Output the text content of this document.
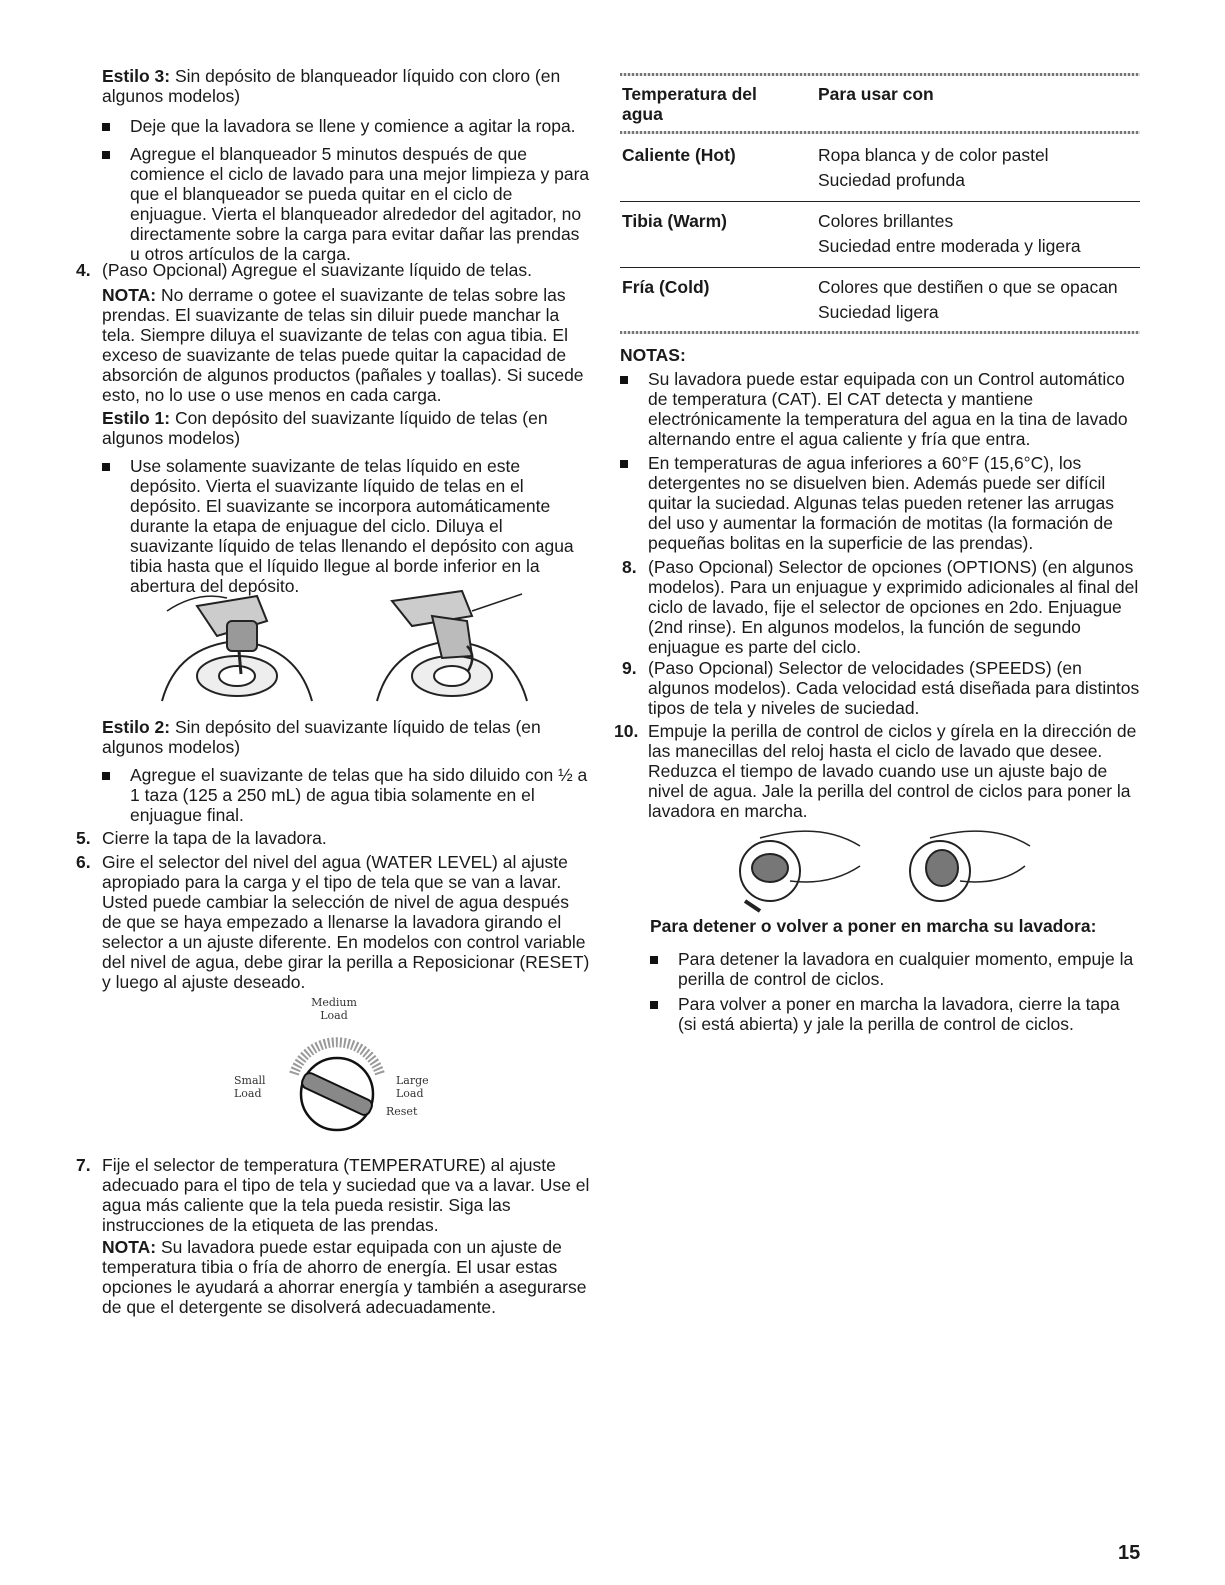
Estilo 3: Sin depósito de blanqueador líquido con cloro (en algunos modelos)

Deje que la lavadora se llene y comience a agitar la ropa.
Agregue el blanqueador 5 minutos después de que comience el ciclo de lavado para una mejor limpieza y para que el blanqueador se pueda quitar en el ciclo de enjuague. Vierta el blanqueador alrededor del agitador, no directamente sobre la carga para evitar dañar las prendas u otros artículos de la carga.
4. (Paso Opcional) Agregue el suavizante líquido de telas.

NOTA: No derrame o gotee el suavizante de telas sobre las prendas. El suavizante de telas sin diluir puede manchar la tela. Siempre diluya el suavizante de telas con agua tibia. El exceso de suavizante de telas puede quitar la capacidad de absorción de algunos productos (pañales y toallas). Si sucede esto, no lo use o use menos en cada carga.

Estilo 1: Con depósito del suavizante líquido de telas (en algunos modelos)

Use solamente suavizante de telas líquido en este depósito. Vierta el suavizante líquido de telas en el depósito. El suavizante se incorpora automáticamente durante la etapa de enjuague del ciclo. Diluya el suavizante líquido de telas llenando el depósito con agua tibia hasta que el líquido llegue al borde inferior en la abertura del depósito.

Estilo 2: Sin depósito del suavizante líquido de telas (en algunos modelos)

Agregue el suavizante de telas que ha sido diluido con ½ a 1 taza (125 a 250 mL) de agua tibia solamente en el enjuague final.
5. Cierre la tapa de la lavadora.
6. Gire el selector del nivel del agua (WATER LEVEL) al ajuste apropiado para la carga y el tipo de tela que se van a lavar. Usted puede cambiar la selección de nivel de agua después de que se haya empezado a llenarse la lavadora girando el selector a un ajuste diferente. En modelos con control variable del nivel de agua, debe girar la perilla a Reposicionar (RESET) y luego al ajuste deseado.
Medium
Load
Small
Load
Large
Load
Reset
7. Fije el selector de temperatura (TEMPERATURE) al ajuste adecuado para el tipo de tela y suciedad que va a lavar. Use el agua más caliente que la tela pueda resistir. Siga las instrucciones de la etiqueta de las prendas.

NOTA: Su lavadora puede estar equipada con un ajuste de temperatura tibia o fría de ahorro de energía. El usar estas opciones le ayudará a ahorrar energía y también a asegurarse de que el detergente se disolverá adecuadamente.

Temperatura del agua
Para usar con
Caliente (Hot)	Ropa blanca y de color pastel
Suciedad profunda
Tibia (Warm)	Colores brillantes
Suciedad entre moderada y ligera
Fría (Cold)	Colores que destiñen o que se opacan
Suciedad ligera
NOTAS:
Su lavadora puede estar equipada con un Control automático de temperatura (CAT). El CAT detecta y mantiene electrónicamente la temperatura del agua en la tina de lavado alternando entre el agua caliente y fría que entra.
En temperaturas de agua inferiores a 60°F (15,6°C), los detergentes no se disuelven bien. Además puede ser difícil quitar la suciedad. Algunas telas pueden retener las arrugas del uso y aumentar la formación de motitas (la formación de pequeñas bolitas en la superficie de las prendas).
8. (Paso Opcional) Selector de opciones (OPTIONS) (en algunos modelos). Para un enjuague y exprimido adicionales al final del ciclo de lavado, fije el selector de opciones en 2do. Enjuague (2nd rinse). En algunos modelos, la función de segundo enjuague es parte del ciclo.
9. (Paso Opcional) Selector de velocidades (SPEEDS) (en algunos modelos). Cada velocidad está diseñada para distintos tipos de tela y niveles de suciedad.
10. Empuje la perilla de control de ciclos y gírela en la dirección de las manecillas del reloj hasta el ciclo de lavado que desee. Reduzca el tiempo de lavado cuando use un ajuste bajo de nivel de agua. Jale la perilla del control de ciclos para poner la lavadora en marcha.
Para detener o volver a poner en marcha su lavadora:
Para detener la lavadora en cualquier momento, empuje la perilla de control de ciclos.
Para volver a poner en marcha la lavadora, cierre la tapa (si está abierta) y jale la perilla de control de ciclos.
15
